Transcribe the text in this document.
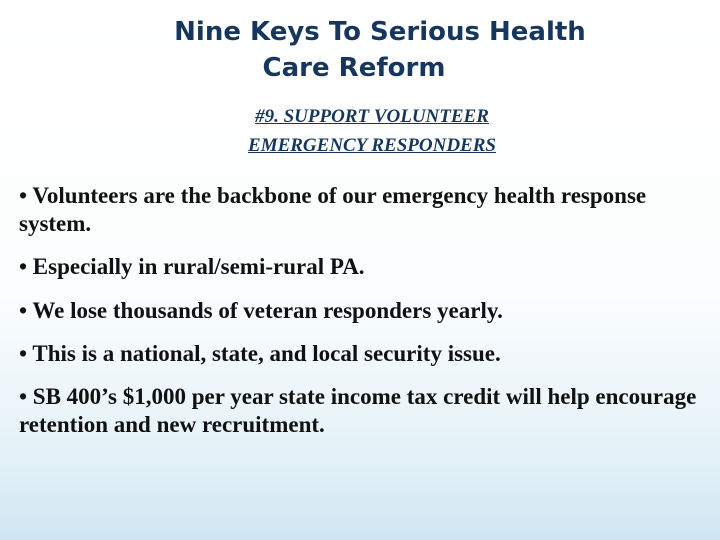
Nine Keys To Serious Health
Care Reform
#9. SUPPORT VOLUNTEER
EMERGENCY RESPONDERS
• Volunteers are the backbone of our emergency health response system.
• Especially in rural/semi-rural PA.
• We lose thousands of veteran responders yearly.
• This is a national, state, and local security issue.
• SB 400’s $1,000 per year state income tax credit will help encourage retention and new recruitment.
